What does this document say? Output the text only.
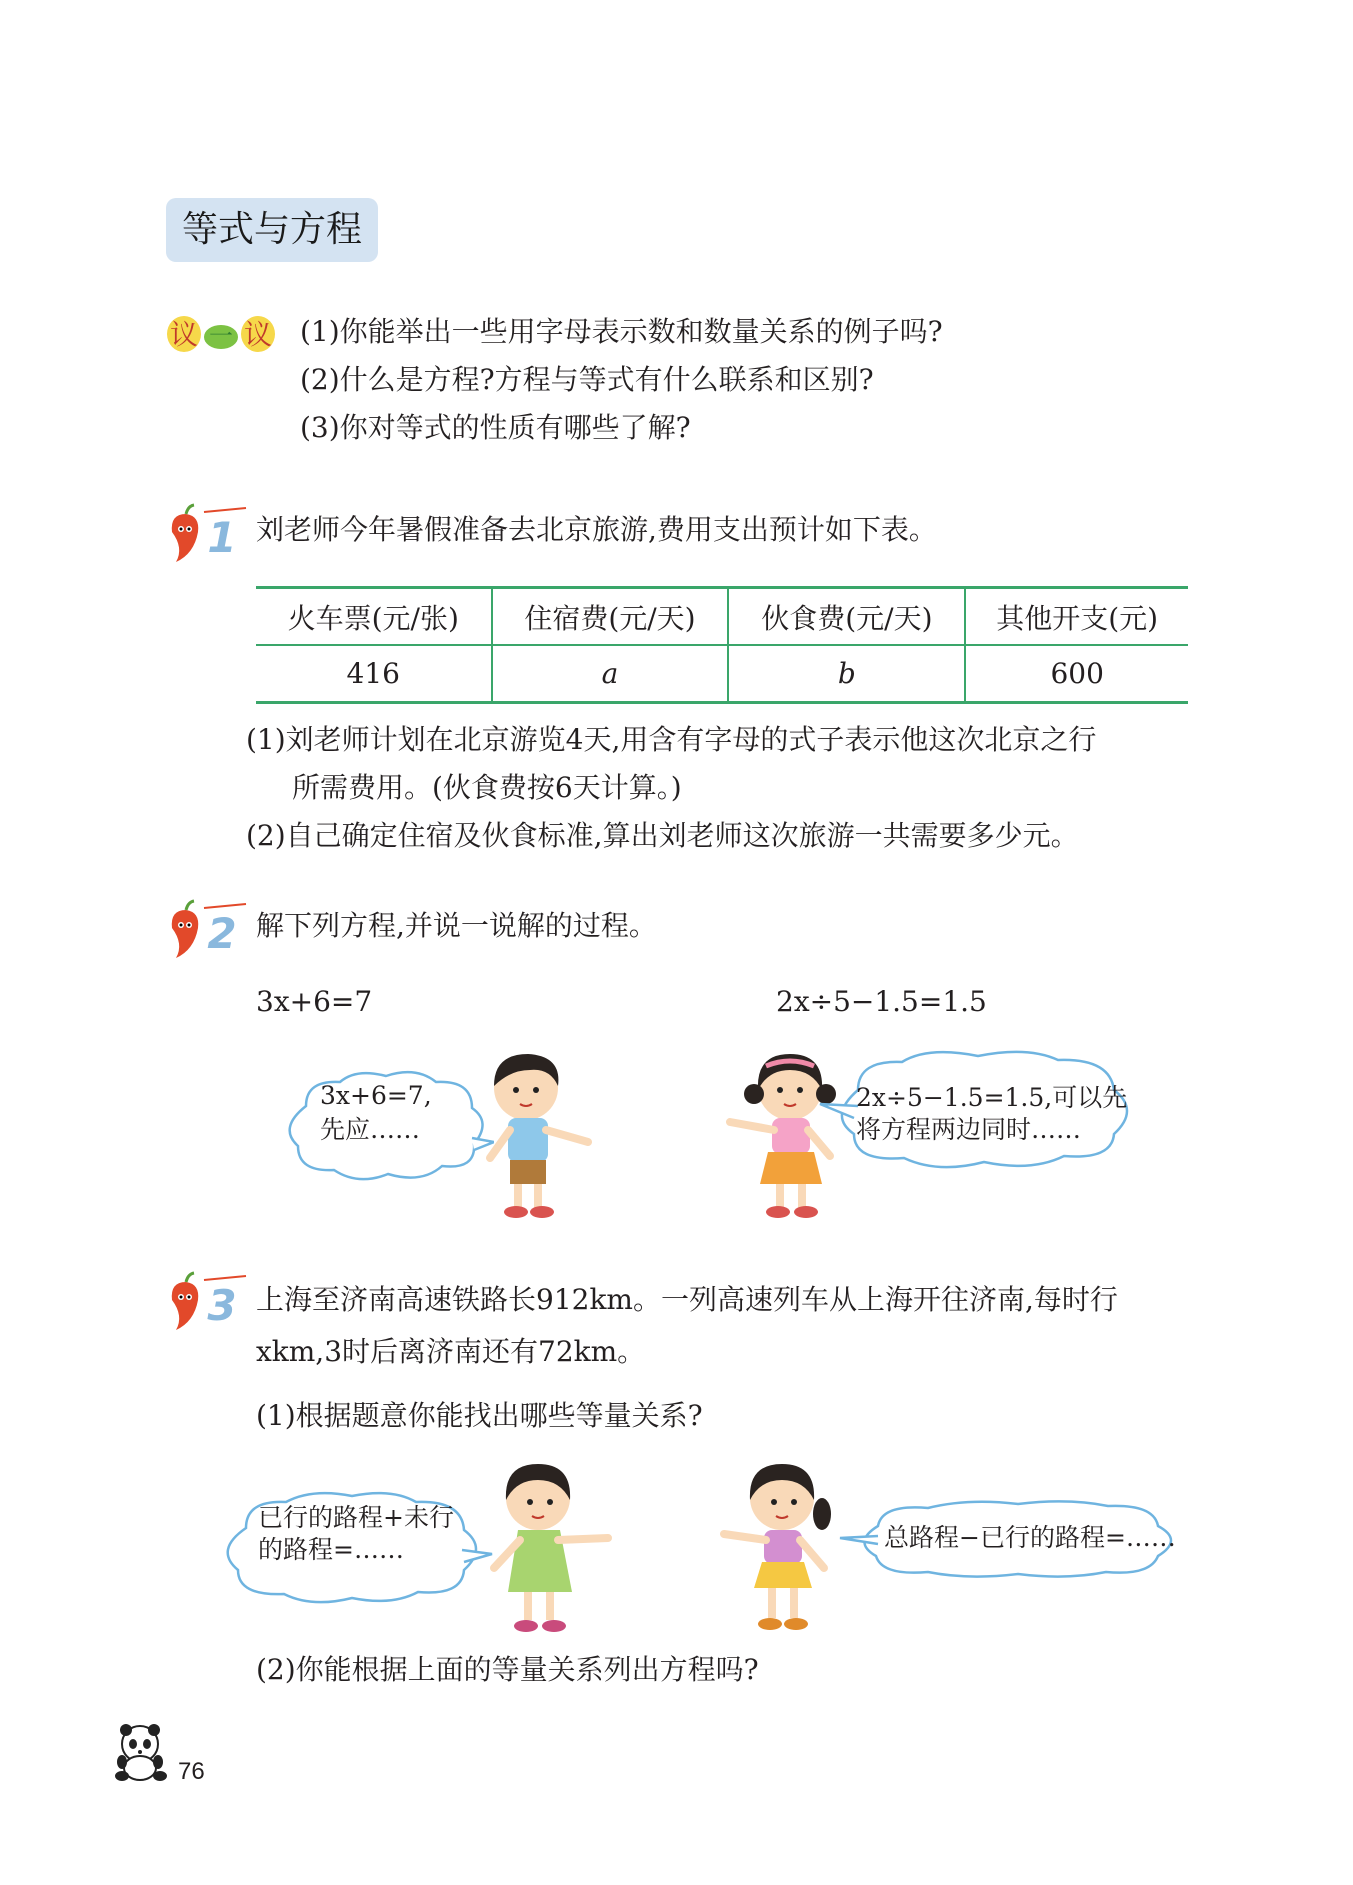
等式与方程
议 一 议 (1)你能举出一些用字母表示数和数量关系的例子吗?
(2)什么是方程?方程与等式有什么联系和区别?
(3)你对等式的性质有哪些了解?
1 刘老师今年暑假准备去北京旅游,费用支出预计如下表。
火车票(元/张)	住宿费(元/天)	伙食费(元/天)	其他开支(元)
416	a	b	600
(1)刘老师计划在北京游览4天,用含有字母的式子表示他这次北京之行
所需费用。(伙食费按6天计算。)
(2)自己确定住宿及伙食标准,算出刘老师这次旅游一共需要多少元。
2 解下列方程,并说一说解的过程。
3x+6=7	2x÷5−1.5=1.5
3x+6=7,
先应……
2x÷5−1.5=1.5,可以先
将方程两边同时……
3 上海至济南高速铁路长912km。一列高速列车从上海开往济南,每时行
xkm,3时后离济南还有72km。
(1)根据题意你能找出哪些等量关系?
已行的路程+未行
的路程=……	总路程−已行的路程=……
(2)你能根据上面的等量关系列出方程吗?
76
